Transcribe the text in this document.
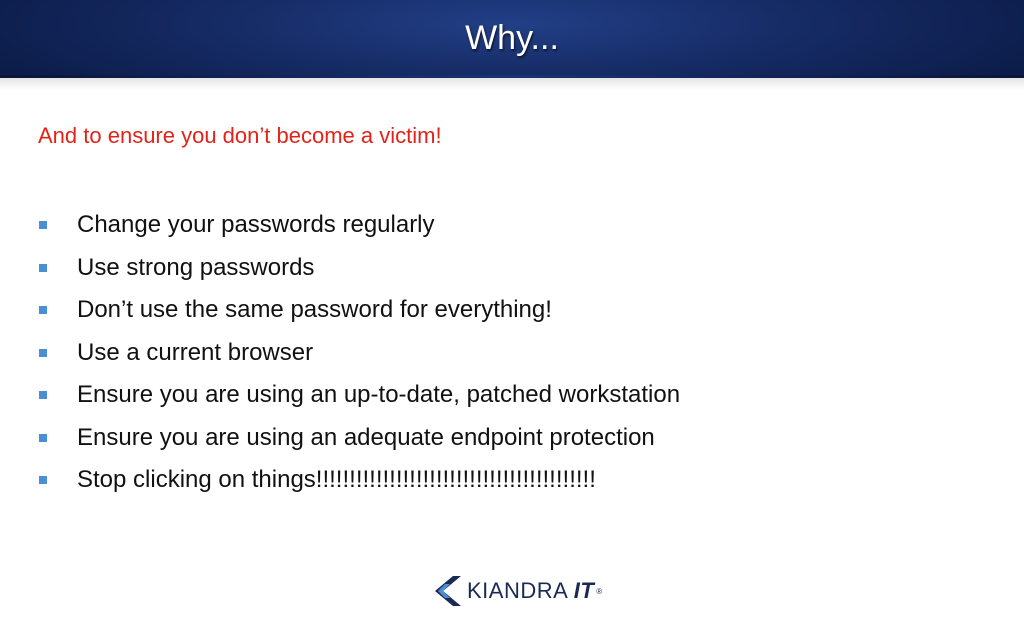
Why...
And to ensure you don’t become a victim!
Change your passwords regularly
Use strong passwords
Don’t use the same password for everything!
Use a current browser
Ensure you are using an up-to-date, patched workstation
Ensure you are using an adequate endpoint protection
Stop clicking on things!!!!!!!!!!!!!!!!!!!!!!!!!!!!!!!!!!!!!!!!!!
KIANDRA IT ®
